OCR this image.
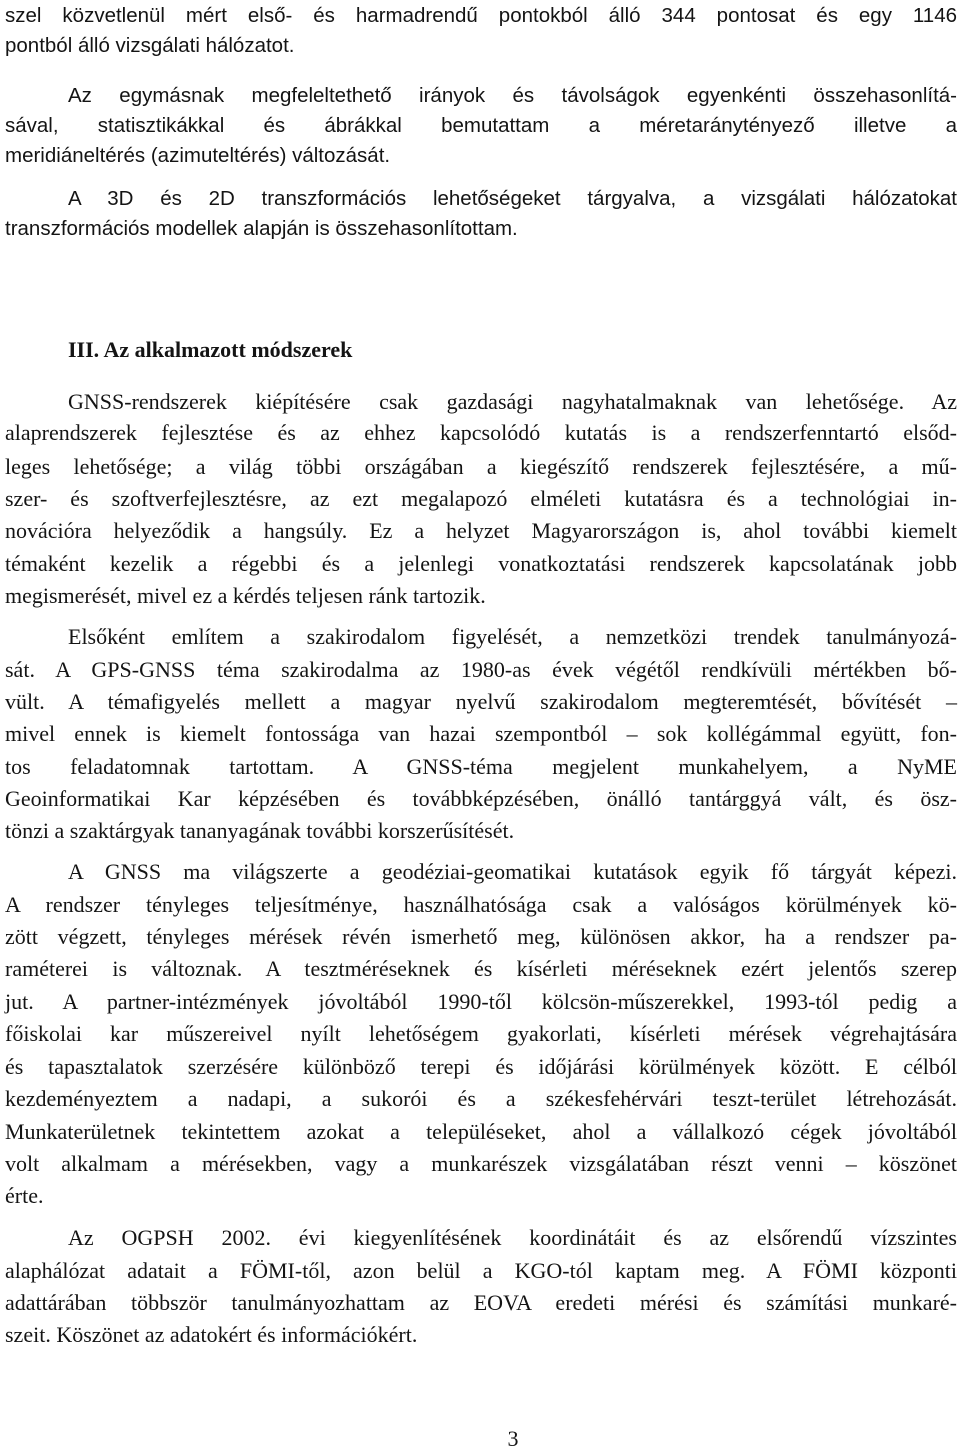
szel közvetlenül mért első- és harmadrendű pontokból álló 344 pontosat és egy 1146
pontból álló vizsgálati hálózatot.
Az egymásnak megfeleltethető irányok és távolságok egyenkénti összehasonlítá-
sával, statisztikákkal és ábrákkal bemutattam a méretaránytényező illetve a
meridiáneltérés (azimuteltérés) változását.
A 3D és 2D transzformációs lehetőségeket tárgyalva, a vizsgálati hálózatokat
transzformációs modellek alapján is összehasonlítottam.
III. Az alkalmazott módszerek
GNSS-rendszerek kiépítésére csak gazdasági nagyhatalmaknak van lehetősége. Az
alaprendszerek fejlesztése és az ehhez kapcsolódó kutatás is a rendszerfenntartó elsőd-
leges lehetősége; a világ többi országában a kiegészítő rendszerek fejlesztésére, a mű-
szer- és szoftverfejlesztésre, az ezt megalapozó elméleti kutatásra és a technológiai in-
novációra helyeződik a hangsúly. Ez a helyzet Magyarországon is, ahol további kiemelt
témaként kezelik a régebbi és a jelenlegi vonatkoztatási rendszerek kapcsolatának jobb
megismerését, mivel ez a kérdés teljesen ránk tartozik.
Elsőként említem a szakirodalom figyelését, a nemzetközi trendek tanulmányozá-
sát. A GPS-GNSS téma szakirodalma az 1980-as évek végétől rendkívüli mértékben bő-
vült. A témafigyelés mellett a magyar nyelvű szakirodalom megteremtését, bővítését –
mivel ennek is kiemelt fontossága van hazai szempontból – sok kollégámmal együtt, fon-
tos feladatomnak tartottam. A GNSS-téma megjelent munkahelyem, a NyME
Geoinformatikai Kar képzésében és továbbképzésében, önálló tantárggyá vált, és ösz-
tönzi a szaktárgyak tananyagának további korszerűsítését.
A GNSS ma világszerte a geodéziai-geomatikai kutatások egyik fő tárgyát képezi.
A rendszer tényleges teljesítménye, használhatósága csak a valóságos körülmények kö-
zött végzett, tényleges mérések révén ismerhető meg, különösen akkor, ha a rendszer pa-
raméterei is változnak. A tesztméréseknek és kísérleti méréseknek ezért jelentős szerep
jut. A partner-intézmények jóvoltából 1990-től kölcsön-műszerekkel, 1993-tól pedig a
főiskolai kar műszereivel nyílt lehetőségem gyakorlati, kísérleti mérések végrehajtására
és tapasztalatok szerzésére különböző terepi és időjárási körülmények között. E célból
kezdeményeztem a nadapi, a sukorói és a székesfehérvári teszt-terület létrehozását.
Munkaterületnek tekintettem azokat a településeket, ahol a vállalkozó cégek jóvoltából
volt alkalmam a mérésekben, vagy a munkarészek vizsgálatában részt venni – köszönet
érte.
Az OGPSH 2002. évi kiegyenlítésének koordinátáit és az elsőrendű vízszintes
alaphálózat adatait a FÖMI-től, azon belül a KGO-tól kaptam meg. A FÖMI központi
adattárában többször tanulmányozhattam az EOVA eredeti mérési és számítási munkaré-
szeit. Köszönet az adatokért és információkért.
3
